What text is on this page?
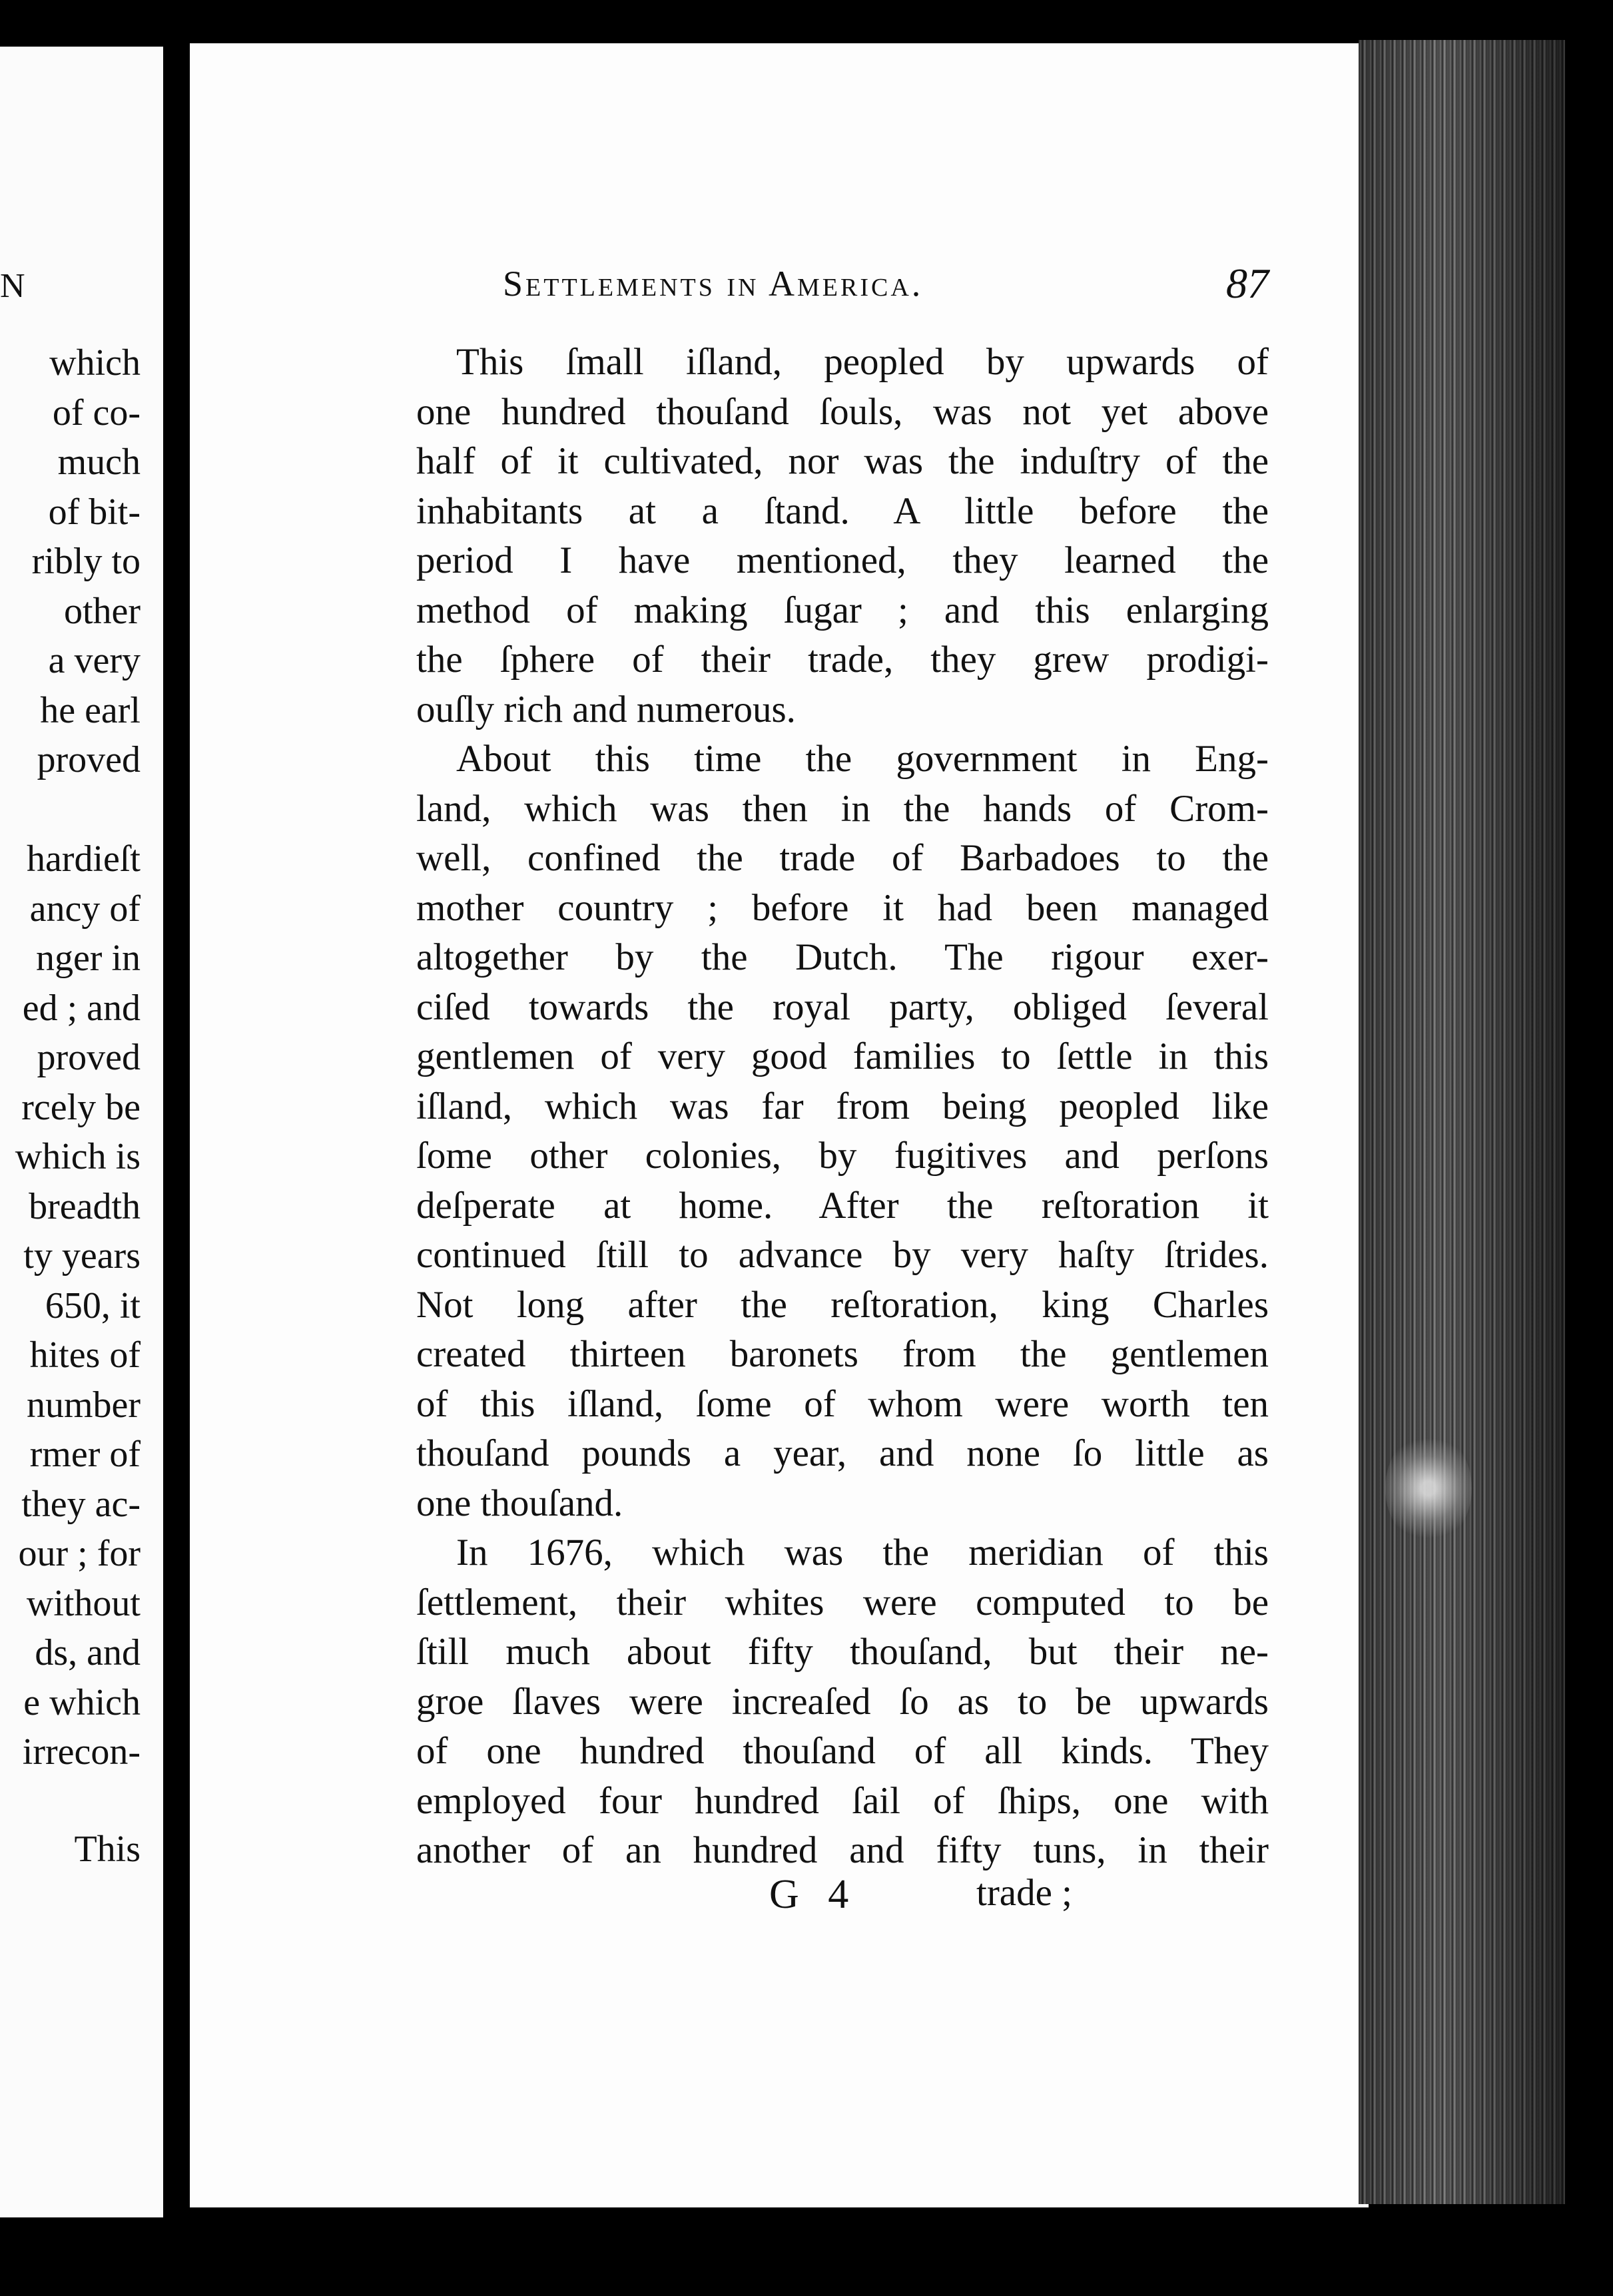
N
which
of co-
much
of bit-
ribly to
other
a very
he earl
proved
hardieſt
ancy of
nger in
ed ; and
proved
rcely be
which is
breadth
ty years
650, it
hites of
number
rmer of
they ac-
our ; for
without
ds, and
e which
irrecon-
This
Settlements in America.	87
This ſmall iſland, peopled by upwards of
one hundred thouſand ſouls, was not yet above
half of it cultivated, nor was the induſtry of the
inhabitants at a ſtand. A little before the
period I have mentioned, they learned the
method of making ſugar ; and this enlarging
the ſphere of their trade, they grew prodigi-
ouſly rich and numerous.
About this time the government in Eng-
land, which was then in the hands of Crom-
well, confined the trade of Barbadoes to the
mother country ; before it had been managed
altogether by the Dutch. The rigour exer-
ciſed towards the royal party, obliged ſeveral
gentlemen of very good families to ſettle in this
iſland, which was far from being peopled like
ſome other colonies, by fugitives and perſons
deſperate at home. After the reſtoration it
continued ſtill to advance by very haſty ſtrides.
Not long after the reſtoration, king Charles
created thirteen baronets from the gentlemen
of this iſland, ſome of whom were worth ten
thouſand pounds a year, and none ſo little as
one thouſand.
In 1676, which was the meridian of this
ſettlement, their whites were computed to be
ſtill much about fifty thouſand, but their ne-
groe ſlaves were increaſed ſo as to be upwards
of one hundred thouſand of all kinds. They
employed four hundred ſail of ſhips, one with
another of an hundred and fifty tuns, in their
G 4	trade ;
